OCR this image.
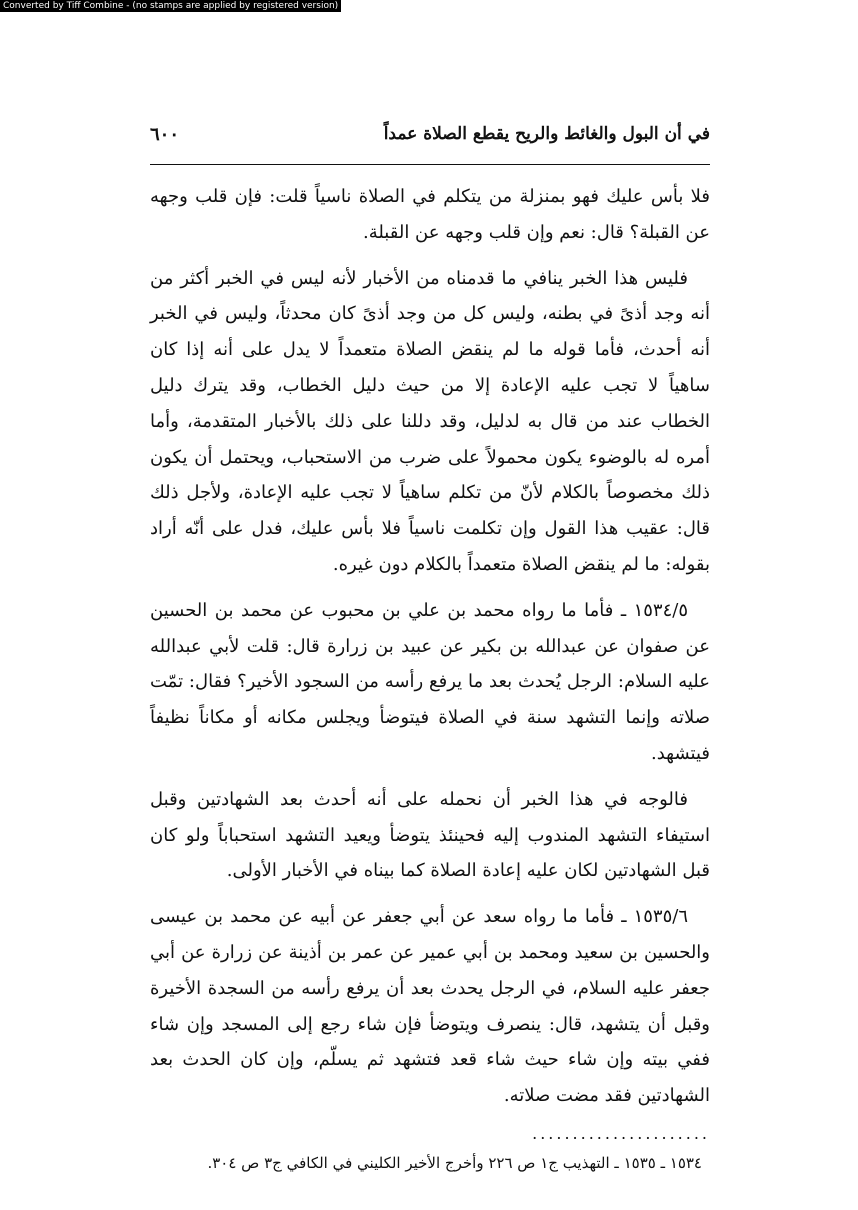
Converted by Tiff Combine - (no stamps are applied by registered version)
في أن البول والغائط والريح يقطع الصلاة عمداً
٦٠٠

فلا بأس عليك فهو بمنزلة من يتكلم في الصلاة ناسياً قلت: فإن قلب وجهه عن القبلة؟ قال: نعم وإن قلب وجهه عن القبلة.

فليس هذا الخبر ينافي ما قدمناه من الأخبار لأنه ليس في الخبر أكثر من أنه وجد أذىً في بطنه، وليس كل من وجد أذىً كان محدثاً، وليس في الخبر أنه أحدث، فأما قوله ما لم ينقض الصلاة متعمداً لا يدل على أنه إذا كان ساهياً لا تجب عليه الإعادة إلا من حيث دليل الخطاب، وقد يترك دليل الخطاب عند من قال به لدليل، وقد دللنا على ذلك بالأخبار المتقدمة، وأما أمره له بالوضوء يكون محمولاً على ضرب من الاستحباب، ويحتمل أن يكون ذلك مخصوصاً بالكلام لأنّ من تكلم ساهياً لا تجب عليه الإعادة، ولأجل ذلك قال: عقيب هذا القول وإن تكلمت ناسياً فلا بأس عليك، فدل على أنّه أراد بقوله: ما لم ينقض الصلاة متعمداً بالكلام دون غيره.

١٥٣٤/٥ ـ فأما ما رواه محمد بن علي بن محبوب عن محمد بن الحسين عن صفوان عن عبدالله بن بكير عن عبيد بن زرارة قال: قلت لأبي عبدالله عليه السلام: الرجل يُحدث بعد ما يرفع رأسه من السجود الأخير؟ فقال: تمّت صلاته وإنما التشهد سنة في الصلاة فيتوضأ ويجلس مكانه أو مكاناً نظيفاً فيتشهد.

فالوجه في هذا الخبر أن نحمله على أنه أحدث بعد الشهادتين وقبل استيفاء التشهد المندوب إليه فحينئذ يتوضأ ويعيد التشهد استحباباً ولو كان قبل الشهادتين لكان عليه إعادة الصلاة كما بيناه في الأخبار الأولى.

١٥٣٥/٦ ـ فأما ما رواه سعد عن أبي جعفر عن أبيه عن محمد بن عيسى والحسين بن سعيد ومحمد بن أبي عمير عن عمر بن أذينة عن زرارة عن أبي جعفر عليه السلام، في الرجل يحدث بعد أن يرفع رأسه من السجدة الأخيرة وقبل أن يتشهد، قال: ينصرف ويتوضأ فإن شاء رجع إلى المسجد وإن شاء ففي بيته وإن شاء حيث شاء قعد فتشهد ثم يسلّم، وإن كان الحدث بعد الشهادتين فقد مضت صلاته.

......................
١٥٣٤ ـ ١٥٣٥ ـ التهذيب ج١ ص ٢٢٦ وأخرج الأخير الكليني في الكافي ج٣ ص ٣٠٤.
